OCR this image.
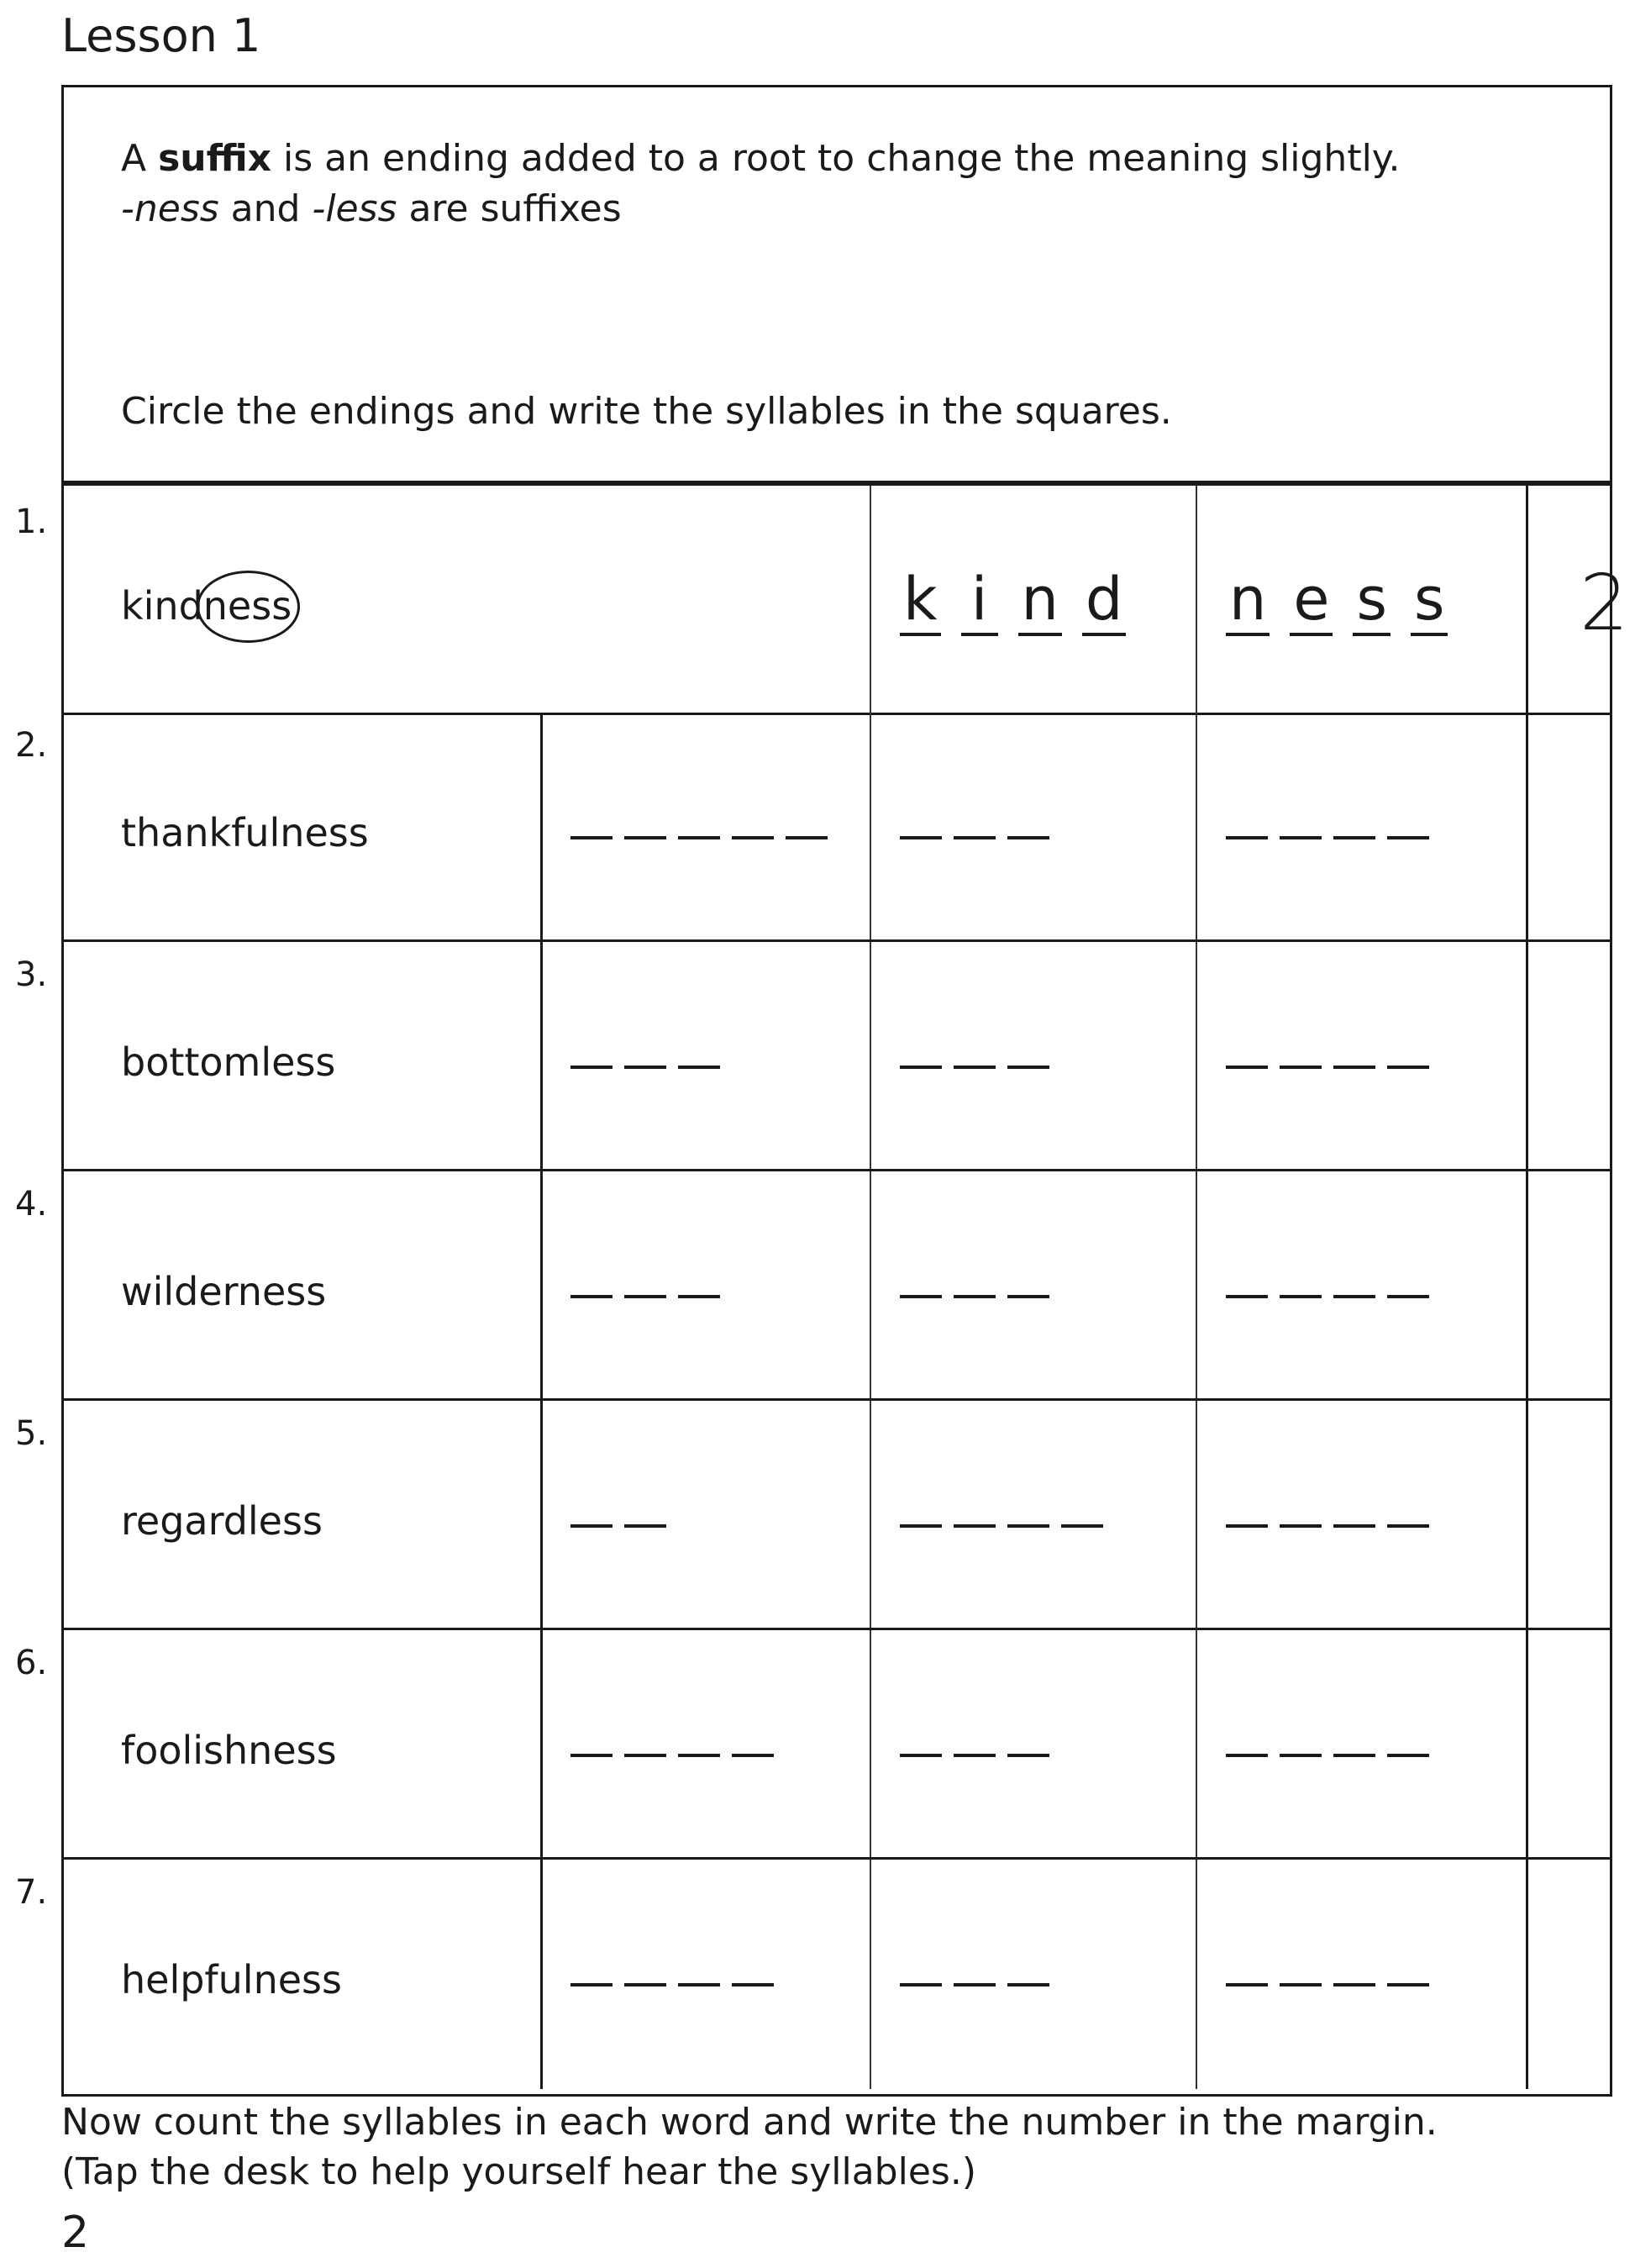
Lesson 1
A suffix is an ending added to a root to change the meaning slightly.
-ness and -less are suffixes
Circle the endings and write the syllables in the squares.
1.
kindness	k i n d n e s s 2
thankfulness
bottomless
wilderness
regardless
foolishness
helpfulness
Now count the syllables in each word and write the number in the margin.
(Tap the desk to help yourself hear the syllables.)
2
2.
3.
4.
5.
6.
7.
